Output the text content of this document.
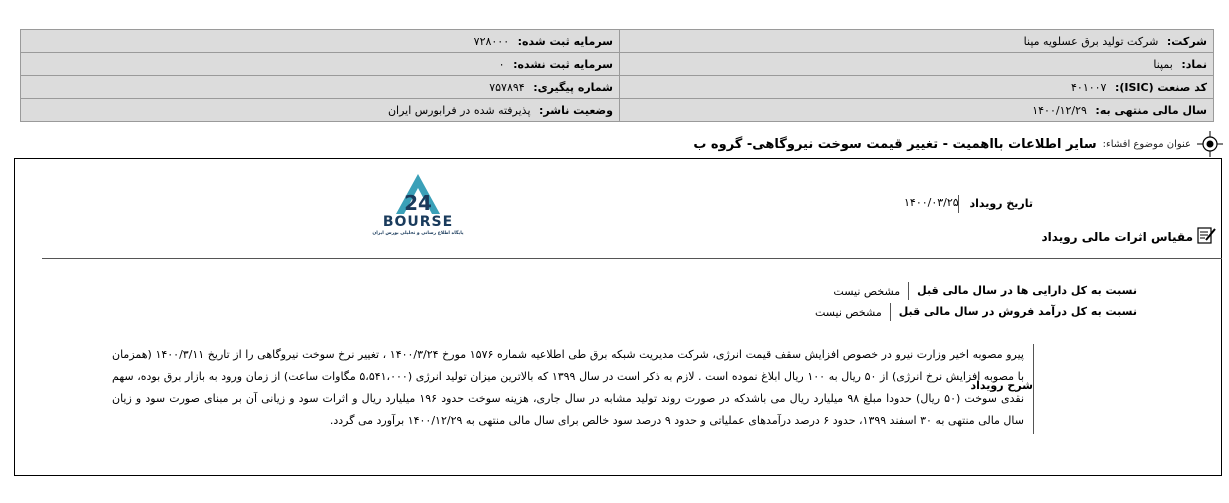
شرکت: شرکت تولید برق عسلویه مپنا	سرمایه ثبت شده: ۷۲۸۰۰۰
نماد: بمپنا	سرمایه ثبت نشده: ۰
کد صنعت (ISIC): ۴۰۱۰۰۷	شماره پیگیری: ۷۵۷۸۹۴
سال مالی منتهی به: ۱۴۰۰/۱۲/۲۹	وضعیت ناشر: پذیرفته شده در فرابورس ایران
عنوان موضوع افشاء:
سایر اطلاعات بااهمیت - تغییر قیمت سوخت نیروگاهی- گروه ب
24
BOURSE
پایگاه اطلاع رسانی و تحلیلی بورس ایران
تاریخ رویداد
۱۴۰۰/۰۳/۲۵
مقیاس اثرات مالی رویداد
نسبت به کل دارایی ها در سال مالی قبل
مشخص نیست
نسبت به کل درآمد فروش در سال مالی قبل
مشخص نیست
شرح رویداد
پیرو مصوبه اخیر وزارت نیرو در خصوص افزایش سقف قیمت انرژی، شرکت مدیریت شبکه برق طی اطلاعیه شماره ۱۵۷۶ مورخ ۱۴۰۰/۳/۲۴ ، تغییر نرخ سوخت نیروگاهی را از تاریخ ۱۴۰۰/۳/۱۱ (همزمان با مصوبه افزایش نرخ انرژی) از ۵۰ ریال به ۱۰۰ ریال ابلاغ نموده است . لازم به ذکر است در سال ۱۳۹۹ که بالاترین میزان تولید انرژی (۵،۵۴۱،۰۰۰ مگاوات ساعت) از زمان ورود به بازار برق بوده، سهم نقدی سوخت (۵۰ ریال) حدودا مبلغ ۹۸ میلیارد ریال می باشدکه در صورت روند تولید مشابه در سال جاری، هزینه سوخت حدود ۱۹۶ میلیارد ریال و اثرات سود و زیانی آن بر مبنای صورت سود و زیان سال مالی منتهی به ۳۰ اسفند ۱۳۹۹، حدود ۶ درصد درآمدهای عملیاتی و حدود ۹ درصد سود خالص برای سال مالی منتهی به ۱۴۰۰/۱۲/۲۹ برآورد می گردد.
